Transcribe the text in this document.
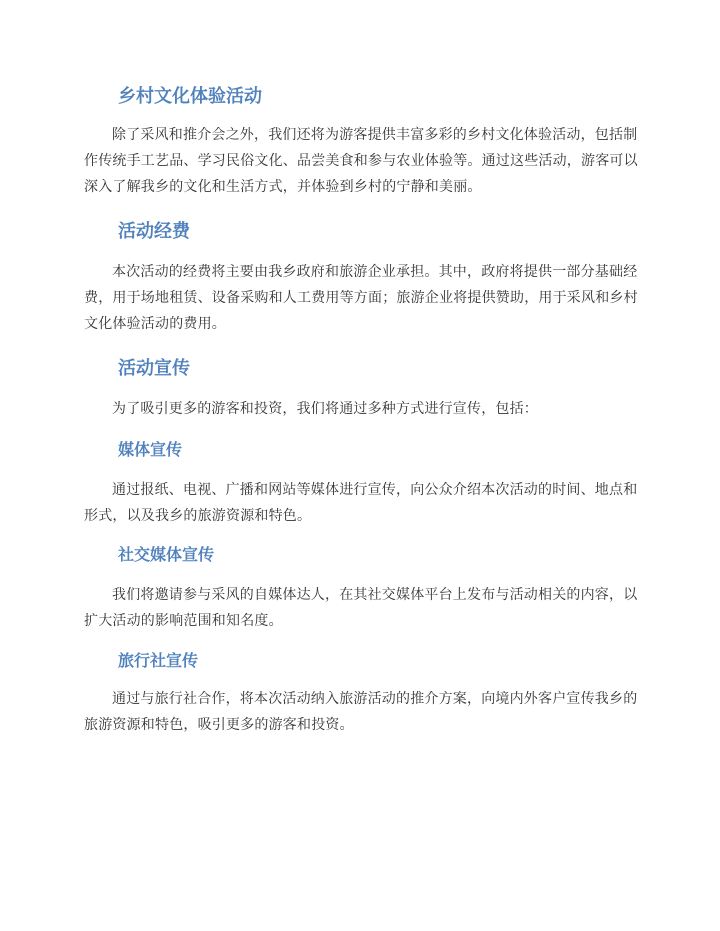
乡村文化体验活动

除了采风和推介会之外，我们还将为游客提供丰富多彩的乡村文化体验活动，包括制作传统手工艺品、学习民俗文化、品尝美食和参与农业体验等。通过这些活动，游客可以深入了解我乡的文化和生活方式，并体验到乡村的宁静和美丽。

活动经费

本次活动的经费将主要由我乡政府和旅游企业承担。其中，政府将提供一部分基础经费，用于场地租赁、设备采购和人工费用等方面；旅游企业将提供赞助，用于采风和乡村文化体验活动的费用。

活动宣传

为了吸引更多的游客和投资，我们将通过多种方式进行宣传，包括：

媒体宣传

通过报纸、电视、广播和网站等媒体进行宣传，向公众介绍本次活动的时间、地点和形式，以及我乡的旅游资源和特色。

社交媒体宣传

我们将邀请参与采风的自媒体达人，在其社交媒体平台上发布与活动相关的内容，以扩大活动的影响范围和知名度。

旅行社宣传

通过与旅行社合作，将本次活动纳入旅游活动的推介方案，向境内外客户宣传我乡的旅游资源和特色，吸引更多的游客和投资。
